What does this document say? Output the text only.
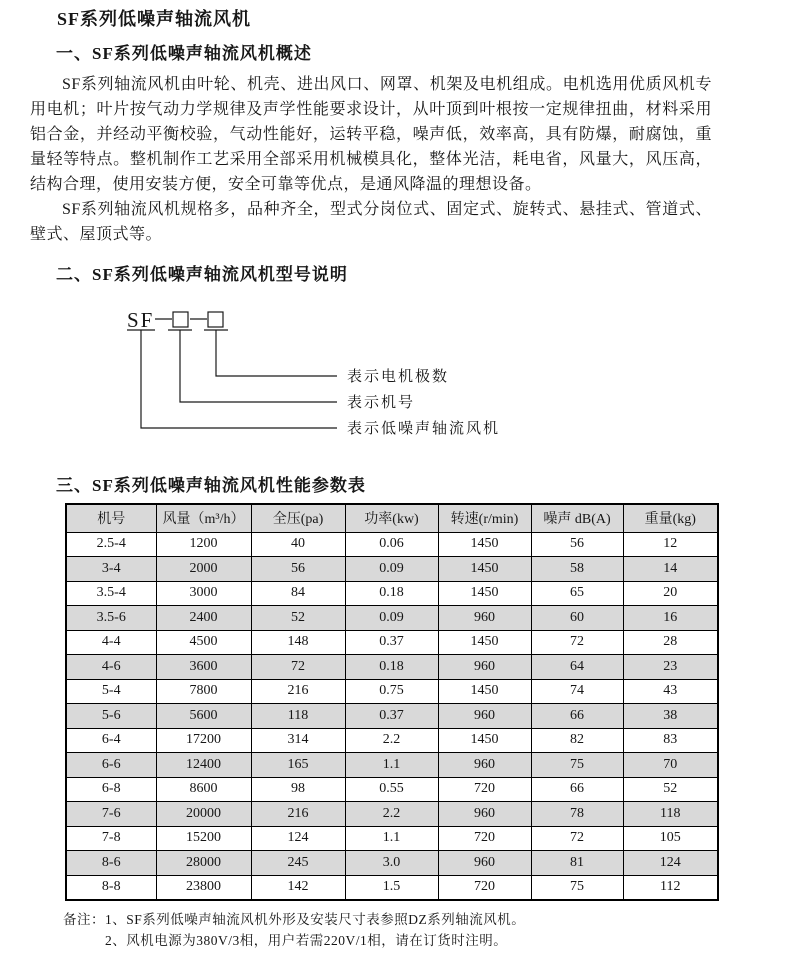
SF系列低噪声轴流风机
一、SF系列低噪声轴流风机概述

SF系列轴流风机由叶轮、机壳、进出风口、网罩、机架及电机组成。电机选用优质风机专用电机；叶片按气动力学规律及声学性能要求设计，从叶顶到叶根按一定规律扭曲，材料采用铝合金，并经动平衡校验，气动性能好，运转平稳，噪声低，效率高，具有防爆，耐腐蚀，重量轻等特点。整机制作工艺采用全部采用机械模具化，整体光洁，耗电省，风量大，风压高，结构合理，使用安装方便，安全可靠等优点，是通风降温的理想设备。

SF系列轴流风机规格多，品种齐全，型式分岗位式、固定式、旋转式、悬挂式、管道式、壁式、屋顶式等。

二、SF系列低噪声轴流风机型号说明
SF
表示电机极数
表示机号
表示低噪声轴流风机
三、SF系列低噪声轴流风机性能参数表
机号	风量（m³/h）	全压(pa)	功率(kw)	转速(r/min)	噪声 dB(A)	重量(kg)
2.5-4	1200	40	0.06	1450	56	12
3-4	2000	56	0.09	1450	58	14
3.5-4	3000	84	0.18	1450	65	20
3.5-6	2400	52	0.09	960	60	16
4-4	4500	148	0.37	1450	72	28
4-6	3600	72	0.18	960	64	23
5-4	7800	216	0.75	1450	74	43
5-6	5600	118	0.37	960	66	38
6-4	17200	314	2.2	1450	82	83
6-6	12400	165	1.1	960	75	70
6-8	8600	98	0.55	720	66	52
7-6	20000	216	2.2	960	78	118
7-8	15200	124	1.1	720	72	105
8-6	28000	245	3.0	960	81	124
8-8	23800	142	1.5	720	75	112
备注：1、SF系列低噪声轴流风机外形及安装尺寸表参照DZ系列轴流风机。
2、风机电源为380V/3相，用户若需220V/1相，请在订货时注明。
